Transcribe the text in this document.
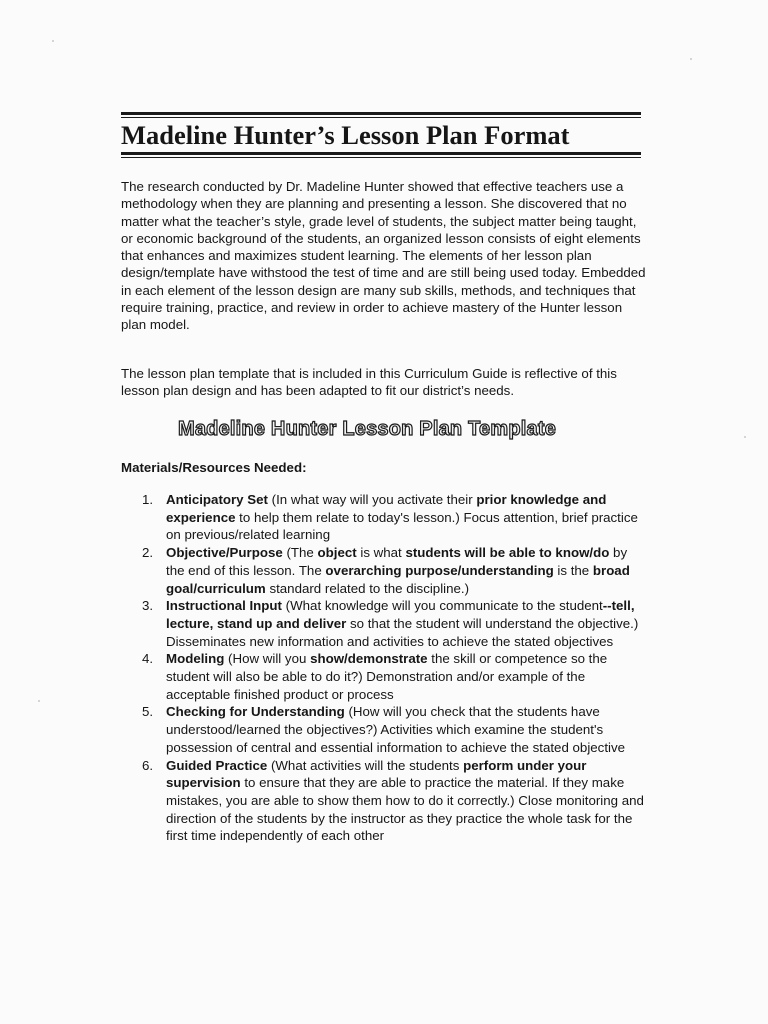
Madeline Hunter’s Lesson Plan Format

The research conducted by Dr. Madeline Hunter showed that effective teachers use a methodology when they are planning and presenting a lesson. She discovered that no matter what the teacher’s style, grade level of students, the subject matter being taught, or economic background of the students, an organized lesson consists of eight elements that enhances and maximizes student learning. The elements of her lesson plan design/template have withstood the test of time and are still being used today. Embedded in each element of the lesson design are many sub skills, methods, and techniques that require training, practice, and review in order to achieve mastery of the Hunter lesson plan model.

The lesson plan template that is included in this Curriculum Guide is reflective of this lesson plan design and has been adapted to fit our district’s needs.

Madeline Hunter Lesson Plan Template

Materials/Resources Needed:

1. Anticipatory Set (In what way will you activate their prior knowledge and experience to help them relate to today's lesson.) Focus attention, brief practice on previous/related learning
2. Objective/Purpose (The object is what students will be able to know/do by the end of this lesson. The overarching purpose/understanding is the broad goal/curriculum standard related to the discipline.)
3. Instructional Input (What knowledge will you communicate to the student--tell, lecture, stand up and deliver so that the student will understand the objective.) Disseminates new information and activities to achieve the stated objectives
4. Modeling (How will you show/demonstrate the skill or competence so the student will also be able to do it?) Demonstration and/or example of the acceptable finished product or process
5. Checking for Understanding (How will you check that the students have understood/learned the objectives?) Activities which examine the student's possession of central and essential information to achieve the stated objective
6. Guided Practice (What activities will the students perform under your supervision to ensure that they are able to practice the material. If they make mistakes, you are able to show them how to do it correctly.) Close monitoring and direction of the students by the instructor as they practice the whole task for the first time independently of each other
